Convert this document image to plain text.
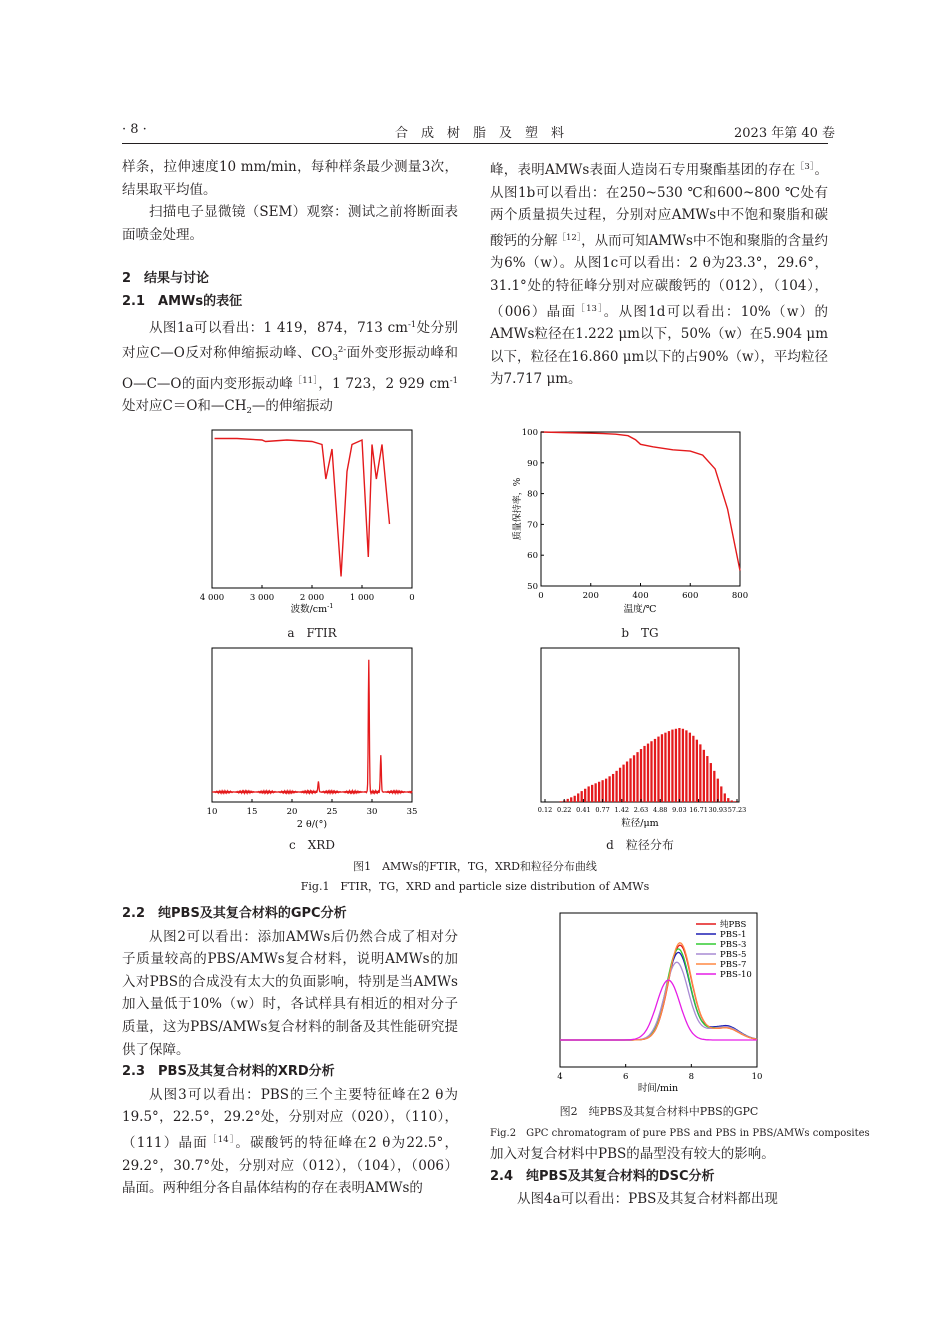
· 8 ·	合　成　树　脂　及　塑　料	2023 年第 40 卷

样条，拉伸速度10 mm/min，每种样条最少测量3次，结果取平均值。

扫描电子显微镜（SEM）观察：测试之前将断面表面喷金处理。

2　结果与讨论

2.1　AMWs的表征

从图1a可以看出：1 419，874，713 $cm^{-1}$处分别对应C—O反对称伸缩振动峰、$CO_3^{2-}$面外变形振动峰和O—C—O的面内变形振动峰$^{[11]}$，1 723，2 929 $cm^{-1}$处对应C＝O和$—CH_2—$的伸缩振动

峰，表明AMWs表面人造岗石专用聚酯基团的存在$^{[3]}$。从图1b可以看出：在250~530 ℃和600~800 ℃处有两个质量损失过程，分别对应AMWs中不饱和聚脂和碳酸钙的分解$^{[12]}$，从而可知AMWs中不饱和聚脂的含量约为6%（w）。从图1c可以看出：2 θ为23.3°，29.6°，31.1°处的特征峰分别对应碳酸钙的（012），（104），（006）晶面$^{[13]}$。从图1d可以看出：10%（w）的AMWs粒径在1.222 μm以下，50%（w）在5.904 μm以下，粒径在16.860 μm以下的占90%（w），平均粒径为7.717 μm。

4 000	3 000	2 000	1 000	0
波数$/cm^{-1}$
0	200	400	600	800
50
60
70
80
90
100
温度/℃
质量保持率，%
10	15	20	25	30	35
2 θ/(°)
0.12 0.22 0.41 0.77 1.42 2.63 4.88 9.03 16.71 30.93 57.23
粒径/μm
a　FTIR	b　TG
c　XRD	d　粒径分布
图1　AMWs的FTIR，TG，XRD和粒径分布曲线
Fig.1　FTIR，TG，XRD and particle size distribution of AMWs

2.2　纯PBS及其复合材料的GPC分析

从图2可以看出：添加AMWs后仍然合成了相对分子质量较高的PBS/AMWs复合材料，说明AMWs的加入对PBS的合成没有太大的负面影响，特别是当AMWs加入量低于10%（w）时，各试样具有相近的相对分子质量，这为PBS/AMWs复合材料的制备及其性能研究提供了保障。

2.3　PBS及其复合材料的XRD分析

从图3可以看出：PBS的三个主要特征峰在2 θ为19.5°，22.5°，29.2°处，分别对应（020），（110），（111）晶面$^{[14]}$。碳酸钙的特征峰在2 θ为22.5°，29.2°，30.7°处，分别对应（012），（104），（006）晶面。两种组分各自晶体结构的存在表明AMWs的

纯PBS
PBS-1
PBS-3
PBS-5
PBS-7
PBS-10
4	6	8	10
时间/min
图2　纯PBS及其复合材料中PBS的GPC
Fig.2　GPC chromatogram of pure PBS and PBS in PBS/AMWs composites

加入对复合材料中PBS的晶型没有较大的影响。

2.4　纯PBS及其复合材料的DSC分析

从图4a可以看出：PBS及其复合材料都出现
